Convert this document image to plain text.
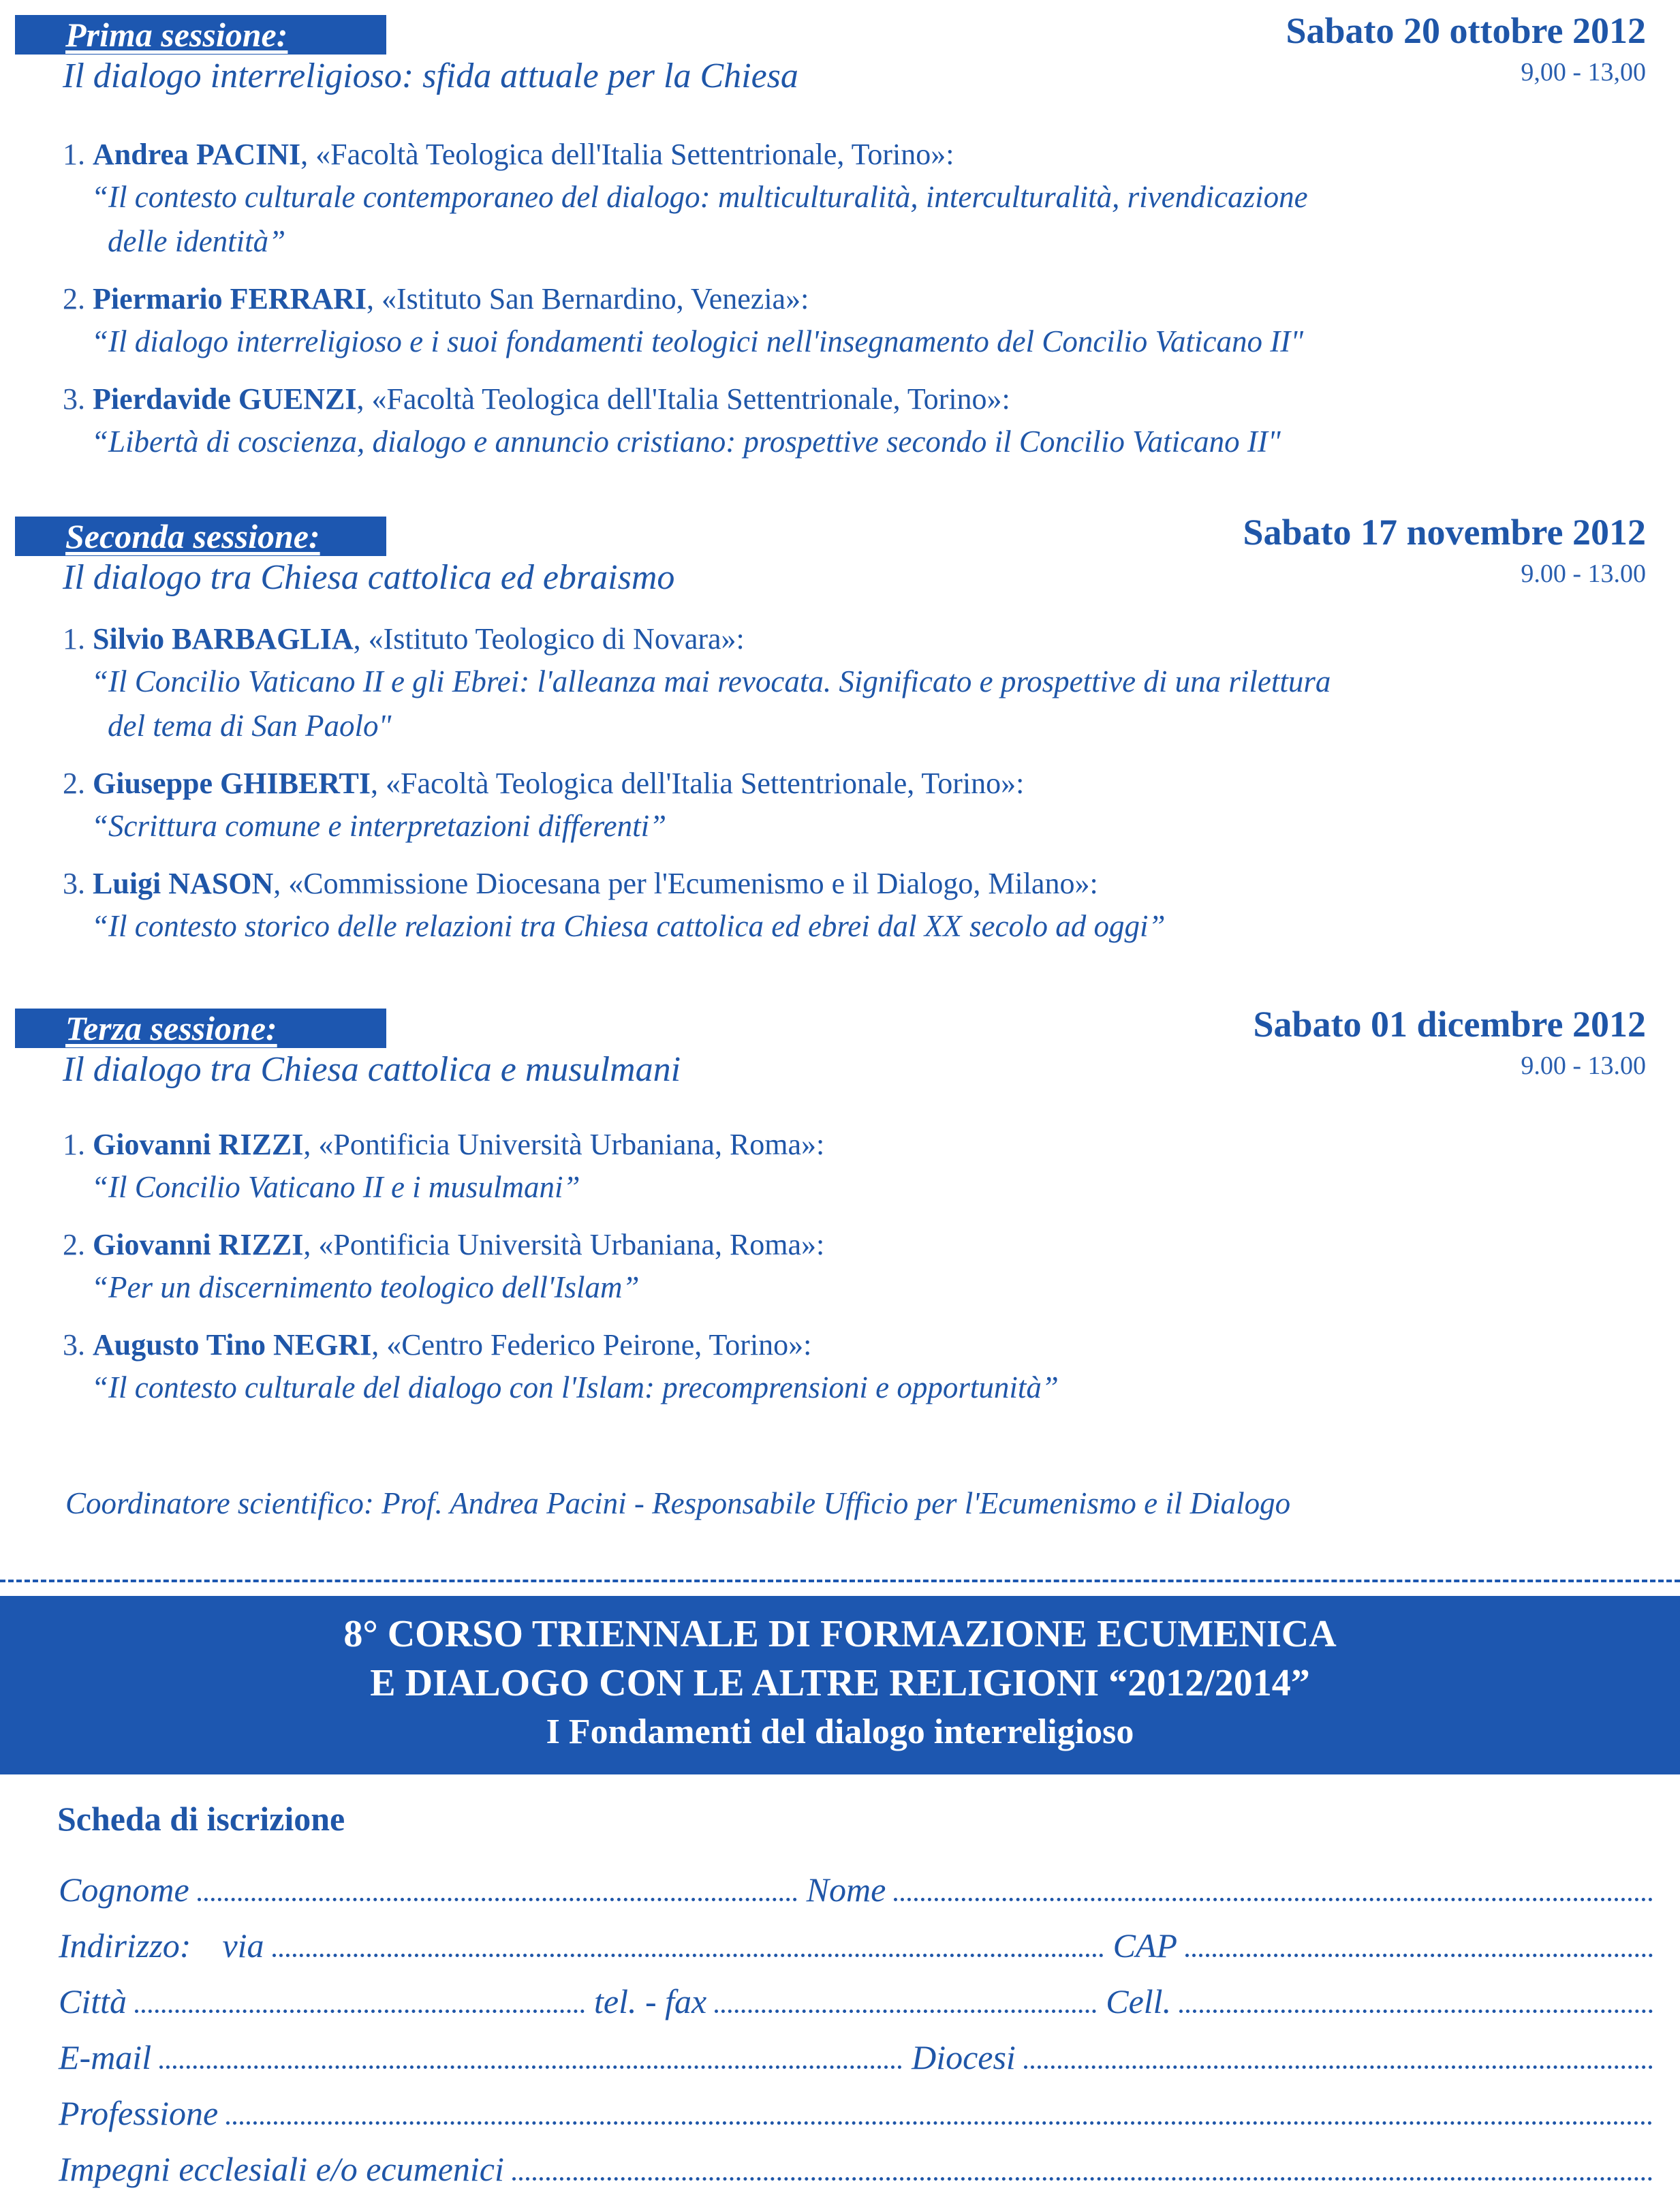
Prima sessione:	Sabato 20 ottobre 2012
9,00 - 13,00
Il dialogo interreligioso: sfida attuale per la Chiesa
1. Andrea PACINI, «Facoltà Teologica dell'Italia Settentrionale, Torino»:
“Il contesto culturale contemporaneo del dialogo: multiculturalità, interculturalità, rivendicazione
delle identità”
2. Piermario FERRARI, «Istituto San Bernardino, Venezia»:
“Il dialogo interreligioso e i suoi fondamenti teologici nell'insegnamento del Concilio Vaticano II"
3. Pierdavide GUENZI, «Facoltà Teologica dell'Italia Settentrionale, Torino»:
“Libertà di coscienza, dialogo e annuncio cristiano: prospettive secondo il Concilio Vaticano II"
Seconda sessione:	Sabato 17 novembre 2012
9.00 - 13.00
Il dialogo tra Chiesa cattolica ed ebraismo
1. Silvio BARBAGLIA, «Istituto Teologico di Novara»:
“Il Concilio Vaticano II e gli Ebrei: l'alleanza mai revocata. Significato e prospettive di una rilettura
del tema di San Paolo"
2. Giuseppe GHIBERTI, «Facoltà Teologica dell'Italia Settentrionale, Torino»:
“Scrittura comune e interpretazioni differenti”
3. Luigi NASON, «Commissione Diocesana per l'Ecumenismo e il Dialogo, Milano»:
“Il contesto storico delle relazioni tra Chiesa cattolica ed ebrei dal XX secolo ad oggi”
Terza sessione:	Sabato 01 dicembre 2012
9.00 - 13.00
Il dialogo tra Chiesa cattolica e musulmani
1. Giovanni RIZZI, «Pontificia Università Urbaniana, Roma»:
“Il Concilio Vaticano II e i musulmani”
2. Giovanni RIZZI, «Pontificia Università Urbaniana, Roma»:
“Per un discernimento teologico dell'Islam”
3. Augusto Tino NEGRI, «Centro Federico Peirone, Torino»:
“Il contesto culturale del dialogo con l'Islam: precomprensioni e opportunità”
Coordinatore scientifico: Prof. Andrea Pacini - Responsabile Ufficio per l'Ecumenismo e il Dialogo
8° CORSO TRIENNALE DI FORMAZIONE ECUMENICA
E DIALOGO CON LE ALTRE RELIGIONI “2012/2014”
I Fondamenti del dialogo interreligioso
Scheda di iscrizione
Cognome	Nome
Indirizzo: via	CAP
Città	tel. - fax	Cell.
E-mail	Diocesi
Professione
Impegni ecclesiali e/o ecumenici
